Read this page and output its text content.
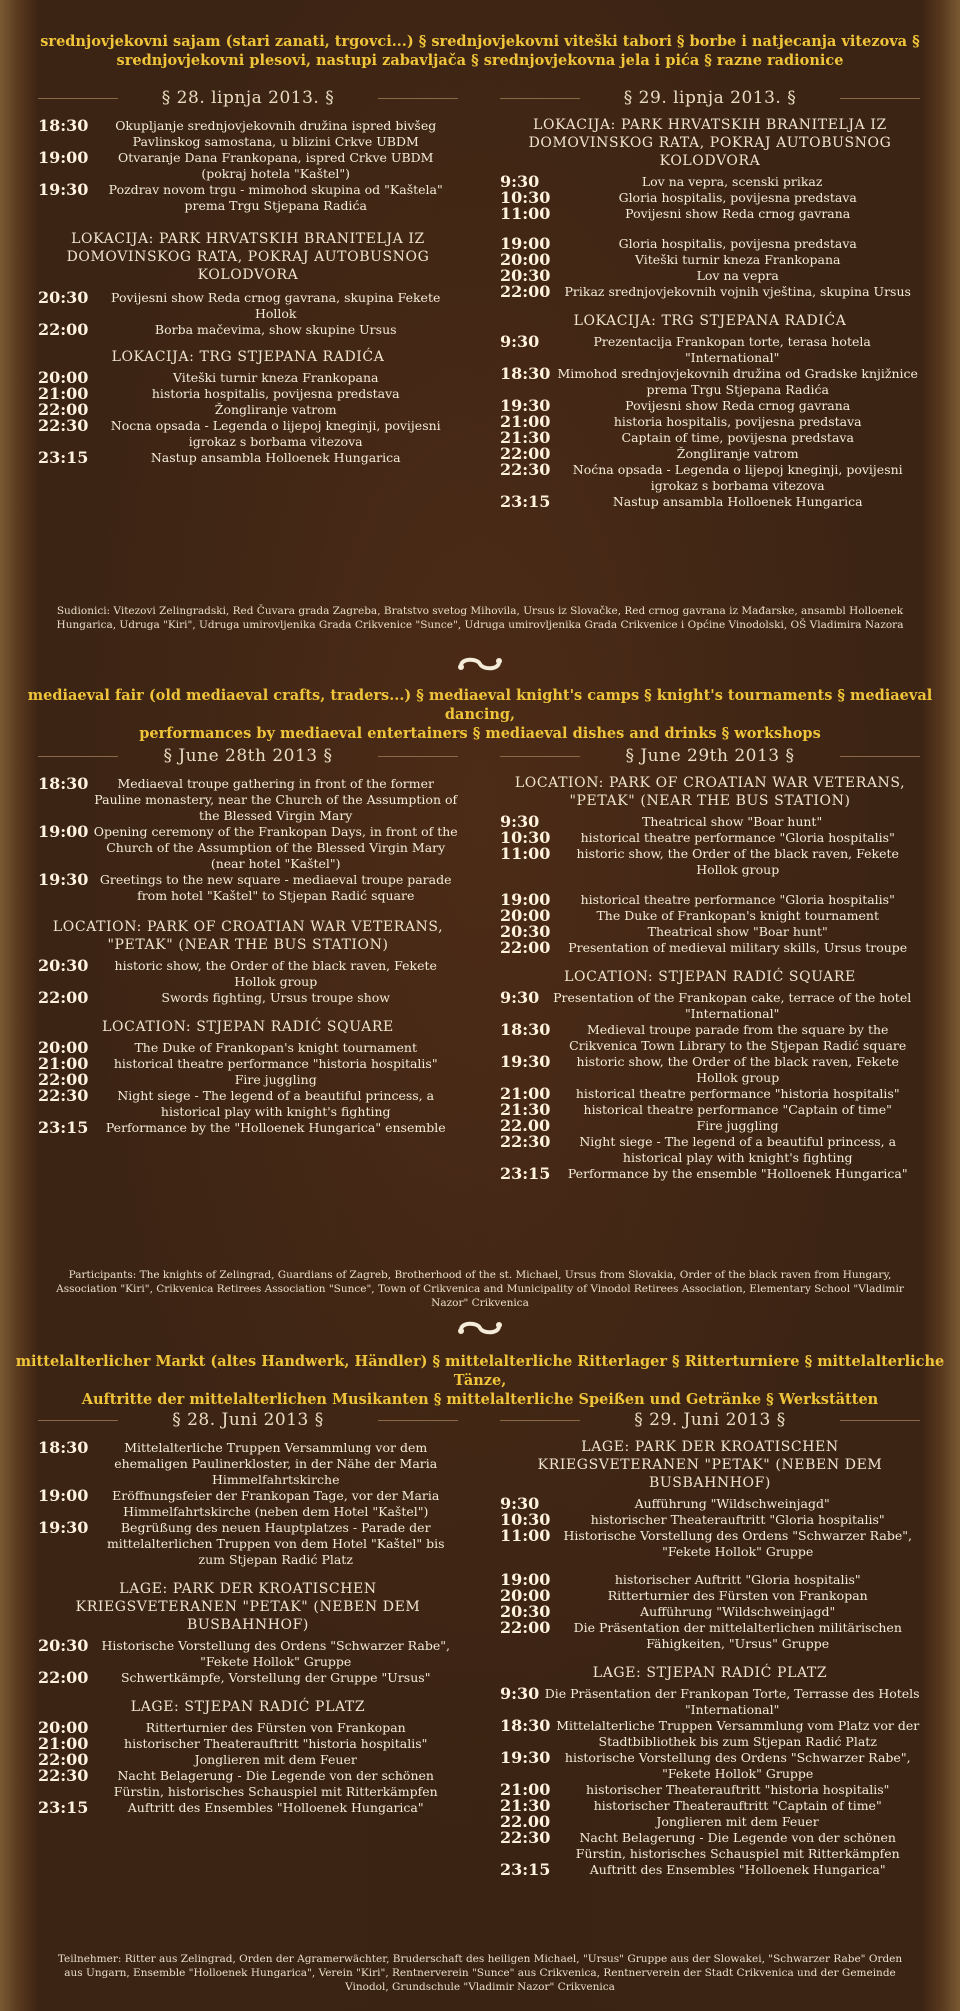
srednjovjekovni sajam (stari zanati, trgovci...) § srednjovjekovni viteški tabori § borbe i natjecanja vitezova §
srednjovjekovni plesovi, nastupi zabavljača § srednjovjekovna jela i pića § razne radionice
§ 28. lipnja 2013. §
18:30	Okupljanje srednjovjekovnih družina ispred bivšeg Pavlinskog samostana, u blizini Crkve UBDM
19:00	Otvaranje Dana Frankopana, ispred Crkve UBDM (pokraj hotela "Kaštel")
19:30	Pozdrav novom trgu - mimohod skupina od "Kaštela" prema Trgu Stjepana Radića
LOKACIJA: PARK HRVATSKIH BRANITELJA IZ DOMOVINSKOG RATA, POKRAJ AUTOBUSNOG KOLODVORA
20:30	Povijesni show Reda crnog gavrana, skupina Fekete Hollok
22:00	Borba mačevima, show skupine Ursus
LOKACIJA: TRG STJEPANA RADIĆA
20:00	Viteški turnir kneza Frankopana
21:00	historia hospitalis, povijesna predstava
22:00	Žongliranje vatrom
22:30	Nocna opsada - Legenda o lijepoj kneginji, povijesni igrokaz s borbama vitezova
23:15	Nastup ansambla Holloenek Hungarica
§ 29. lipnja 2013. §
LOKACIJA: PARK HRVATSKIH BRANITELJA IZ DOMOVINSKOG RATA, POKRAJ AUTOBUSNOG KOLODVORA
9:30	Lov na vepra, scenski prikaz
10:30	Gloria hospitalis, povijesna predstava
11:00	Povijesni show Reda crnog gavrana
19:00	Gloria hospitalis, povijesna predstava
20:00	Viteški turnir kneza Frankopana
20:30	Lov na vepra
22:00	Prikaz srednjovjekovnih vojnih vještina, skupina Ursus
LOKACIJA: TRG STJEPANA RADIĆA
9:30	Prezentacija Frankopan torte, terasa hotela "International"
18:30 Mimohod srednjovjekovnih družina od Gradske knjižnice prema Trgu Stjepana Radića
19:30	Povijesni show Reda crnog gavrana
21:00	historia hospitalis, povijesna predstava
21:30	Captain of time, povijesna predstava
22:00	Žongliranje vatrom
22:30	Noćna opsada - Legenda o lijepoj kneginji, povijesni igrokaz s borbama vitezova
23:15	Nastup ansambla Holloenek Hungarica
Sudionici: Vitezovi Zelingradski, Red Čuvara grada Zagreba, Bratstvo svetog Mihovila, Ursus iz Slovačke, Red crnog gavrana iz Mađarske, ansambl Holloenek Hungarica, Udruga "Kiri", Udruga umirovljenika Grada Crikvenice "Sunce", Udruga umirovljenika Grada Crikvenice i Općine Vinodolski, OŠ Vladimira Nazora
mediaeval fair (old mediaeval crafts, traders...) § mediaeval knight's camps § knight's tournaments § mediaeval dancing,
performances by mediaeval entertainers § mediaeval dishes and drinks § workshops
§ June 28th 2013 §
18:30	Mediaeval troupe gathering in front of the former Pauline monastery, near the Church of the Assumption of the Blessed Virgin Mary
19:00 Opening ceremony of the Frankopan Days, in front of the Church of the Assumption of the Blessed Virgin Mary (near hotel "Kaštel")
19:30 Greetings to the new square - mediaeval troupe parade from hotel "Kaštel" to Stjepan Radić square
LOCATION: PARK OF CROATIAN WAR VETERANS, "PETAK" (NEAR THE BUS STATION)
20:30	historic show, the Order of the black raven, Fekete Hollok group
22:00	Swords fighting, Ursus troupe show
LOCATION: STJEPAN RADIĆ SQUARE
20:00	The Duke of Frankopan's knight tournament
21:00	historical theatre performance "historia hospitalis"
22:00	Fire juggling
22:30	Night siege - The legend of a beautiful princess, a historical play with knight's fighting
23:15	Performance by the "Holloenek Hungarica" ensemble
§ June 29th 2013 §
LOCATION: PARK OF CROATIAN WAR VETERANS, "PETAK" (NEAR THE BUS STATION)
9:30	Theatrical show "Boar hunt"
10:30	historical theatre performance "Gloria hospitalis"
11:00	historic show, the Order of the black raven, Fekete Hollok group
19:00	historical theatre performance "Gloria hospitalis"
20:00	The Duke of Frankopan's knight tournament
20:30	Theatrical show "Boar hunt"
22:00	Presentation of medieval military skills, Ursus troupe
LOCATION: STJEPAN RADIĆ SQUARE
9:30	Presentation of the Frankopan cake, terrace of the hotel "International"
18:30	Medieval troupe parade from the square by the Crikvenica Town Library to the Stjepan Radić square
19:30	historic show, the Order of the black raven, Fekete Hollok group
21:00	historical theatre performance "historia hospitalis"
21:30	historical theatre performance "Captain of time"
22.00	Fire juggling
22:30	Night siege - The legend of a beautiful princess, a historical play with knight's fighting
23:15	Performance by the ensemble "Holloenek Hungarica"
Participants: The knights of Zelingrad, Guardians of Zagreb, Brotherhood of the st. Michael, Ursus from Slovakia, Order of the black raven from Hungary, Association "Kiri", Crikvenica Retirees Association "Sunce", Town of Crikvenica and Municipality of Vinodol Retirees Association, Elementary School "Vladimir Nazor" Crikvenica
mittelalterlicher Markt (altes Handwerk, Händler) § mittelalterliche Ritterlager § Ritterturniere § mittelalterliche Tänze,
Auftritte der mittelalterlichen Musikanten § mittelalterliche Speißen und Getränke § Werkstätten
§ 28. Juni 2013 §
18:30	Mittelalterliche Truppen Versammlung vor dem ehemaligen Paulinerkloster, in der Nähe der Maria Himmelfahrtskirche
19:00	Eröffnungsfeier der Frankopan Tage, vor der Maria Himmelfahrtskirche (neben dem Hotel "Kaštel")
19:30	Begrüßung des neuen Hauptplatzes - Parade der mittelalterlichen Truppen von dem Hotel "Kaštel" bis zum Stjepan Radić Platz
LAGE: PARK DER KROATISCHEN KRIEGSVETERANEN "PETAK" (NEBEN DEM BUSBAHNHOF)
20:30	Historische Vorstellung des Ordens "Schwarzer Rabe", "Fekete Hollok" Gruppe
22:00	Schwertkämpfe, Vorstellung der Gruppe "Ursus"
LAGE: STJEPAN RADIĆ PLATZ
20:00	Ritterturnier des Fürsten von Frankopan
21:00	historischer Theaterauftritt "historia hospitalis"
22:00	Jonglieren mit dem Feuer
22:30	Nacht Belagerung - Die Legende von der schönen Fürstin, historisches Schauspiel mit Ritterkämpfen
23:15	Auftritt des Ensembles "Holloenek Hungarica"
§ 29. Juni 2013 §
LAGE: PARK DER KROATISCHEN KRIEGSVETERANEN "PETAK" (NEBEN DEM BUSBAHNHOF)
9:30	Aufführung "Wildschweinjagd"
10:30	historischer Theaterauftritt "Gloria hospitalis"
11:00	Historische Vorstellung des Ordens "Schwarzer Rabe", "Fekete Hollok" Gruppe
19:00	historischer Auftritt "Gloria hospitalis"
20:00	Ritterturnier des Fürsten von Frankopan
20:30	Aufführung "Wildschweinjagd"
22:00	Die Präsentation der mittelalterlichen militärischen Fähigkeiten, "Ursus" Gruppe
LAGE: STJEPAN RADIĆ PLATZ
9:30 Die Präsentation der Frankopan Torte, Terrasse des Hotels "International"
18:30 Mittelalterliche Truppen Versammlung vom Platz vor der Stadtbibliothek bis zum Stjepan Radić Platz
19:30	historische Vorstellung des Ordens "Schwarzer Rabe", "Fekete Hollok" Gruppe
21:00	historischer Theaterauftritt "historia hospitalis"
21:30	historischer Theaterauftritt "Captain of time"
22.00	Jonglieren mit dem Feuer
22:30	Nacht Belagerung - Die Legende von der schönen Fürstin, historisches Schauspiel mit Ritterkämpfen
23:15	Auftritt des Ensembles "Holloenek Hungarica"
Teilnehmer: Ritter aus Zelingrad, Orden der Agramerwächter, Bruderschaft des heiligen Michael, "Ursus" Gruppe aus der Slowakei, "Schwarzer Rabe" Orden aus Ungarn, Ensemble "Holloenek Hungarica", Verein "Kiri", Rentnerverein "Sunce" aus Crikvenica, Rentnerverein der Stadt Crikvenica und der Gemeinde Vinodol, Grundschule "Vladimir Nazor" Crikvenica
